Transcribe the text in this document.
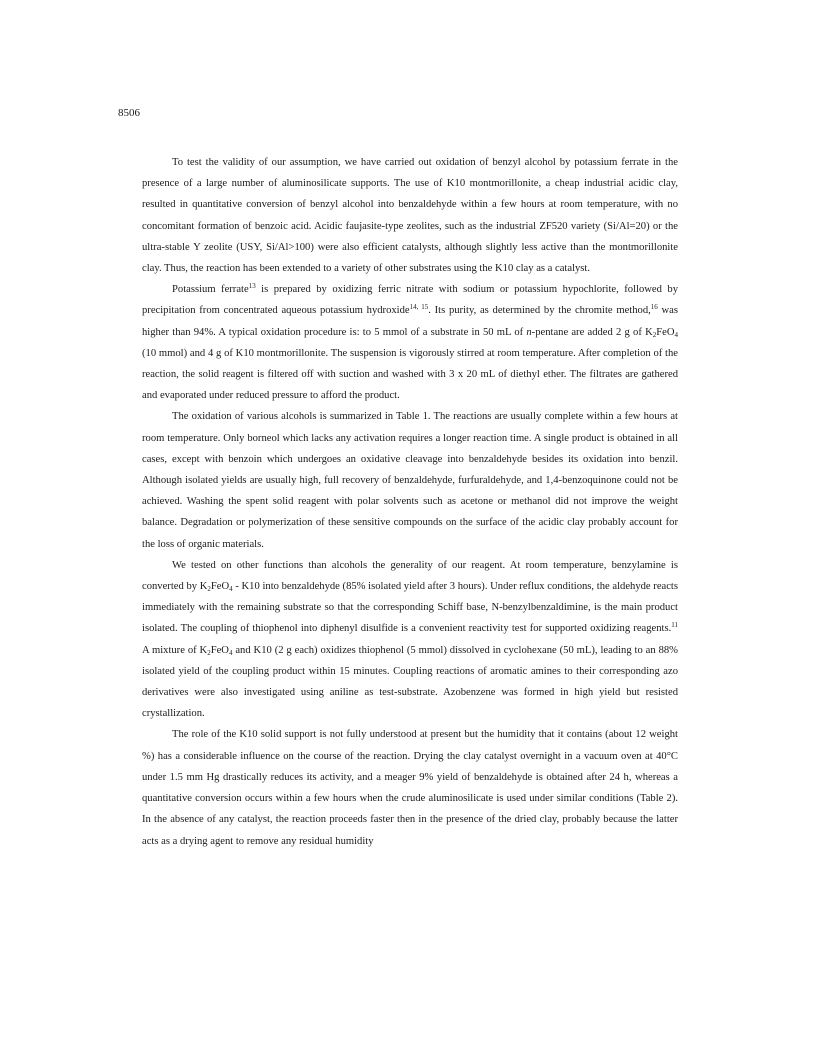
8506

To test the validity of our assumption, we have carried out oxidation of benzyl alcohol by potassium ferrate in the presence of a large number of aluminosilicate supports. The use of K10 montmorillonite, a cheap industrial acidic clay, resulted in quantitative conversion of benzyl alcohol into benzaldehyde within a few hours at room temperature, with no concomitant formation of benzoic acid. Acidic faujasite-type zeolites, such as the industrial ZF520 variety (Si/Al=20) or the ultra-stable Y zeolite (USY, Si/Al>100) were also efficient catalysts, although slightly less active than the montmorillonite clay. Thus, the reaction has been extended to a variety of other substrates using the K10 clay as a catalyst.

Potassium ferrate$^{13}$ is prepared by oxidizing ferric nitrate with sodium or potassium hypochlorite, followed by precipitation from concentrated aqueous potassium hydroxide$^{14, 15}$. Its purity, as determined by the chromite method,$^{16}$ was higher than 94%. A typical oxidation procedure is: to 5 mmol of a substrate in 50 mL of n-pentane are added 2 g of $K_2FeO_4$ (10 mmol) and 4 g of K10 montmorillonite. The suspension is vigorously stirred at room temperature. After completion of the reaction, the solid reagent is filtered off with suction and washed with 3 x 20 mL of diethyl ether. The filtrates are gathered and evaporated under reduced pressure to afford the product.

The oxidation of various alcohols is summarized in Table 1. The reactions are usually complete within a few hours at room temperature. Only borneol which lacks any activation requires a longer reaction time. A single product is obtained in all cases, except with benzoin which undergoes an oxidative cleavage into benzaldehyde besides its oxidation into benzil. Although isolated yields are usually high, full recovery of benzaldehyde, furfuraldehyde, and 1,4-benzoquinone could not be achieved. Washing the spent solid reagent with polar solvents such as acetone or methanol did not improve the weight balance. Degradation or polymerization of these sensitive compounds on the surface of the acidic clay probably account for the loss of organic materials.

We tested on other functions than alcohols the generality of our reagent. At room temperature, benzylamine is converted by $K_2FeO_4 - K10$ into benzaldehyde (85% isolated yield after 3 hours). Under reflux conditions, the aldehyde reacts immediately with the remaining substrate so that the corresponding Schiff base, N-benzylbenzaldimine, is the main product isolated. The coupling of thiophenol into diphenyl disulfide is a convenient reactivity test for supported oxidizing reagents.$^{11}$ A mixture of $K_2FeO_4$ and K10 (2 g each) oxidizes thiophenol (5 mmol) dissolved in cyclohexane (50 mL), leading to an 88% isolated yield of the coupling product within 15 minutes. Coupling reactions of aromatic amines to their corresponding azo derivatives were also investigated using aniline as test-substrate. Azobenzene was formed in high yield but resisted crystallization.

The role of the K10 solid support is not fully understood at present but the humidity that it contains (about 12 weight %) has a considerable influence on the course of the reaction. Drying the clay catalyst overnight in a vacuum oven at 40°C under 1.5 mm Hg drastically reduces its activity, and a meager 9% yield of benzaldehyde is obtained after 24 h, whereas a quantitative conversion occurs within a few hours when the crude aluminosilicate is used under similar conditions (Table 2). In the absence of any catalyst, the reaction proceeds faster then in the presence of the dried clay, probably because the latter acts as a drying agent to remove any residual humidity
